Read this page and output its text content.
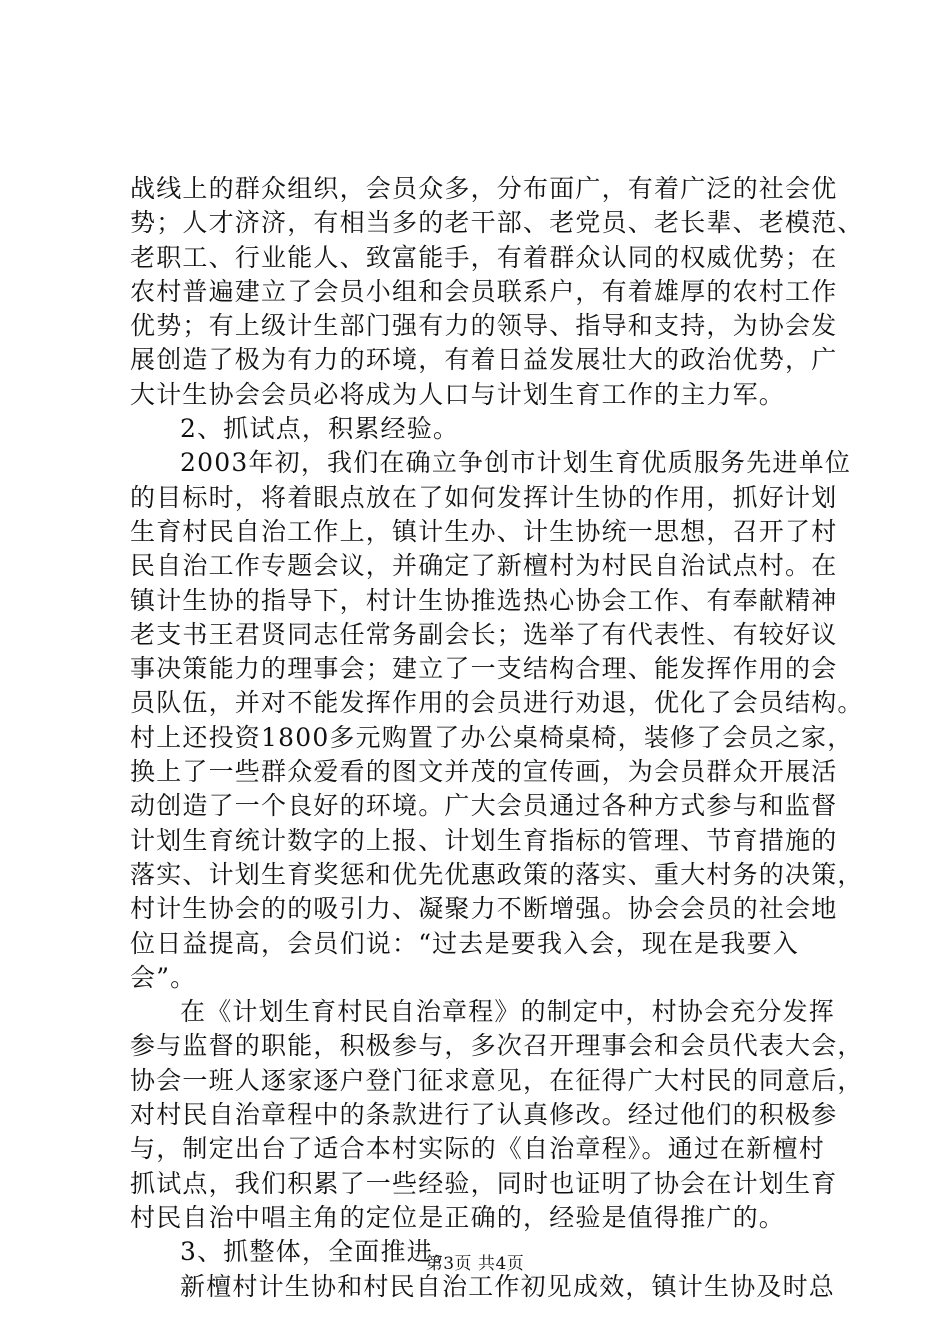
战线上的群众组织，会员众多，分布面广，有着广泛的社会优
势；人才济济，有相当多的老干部、老党员、老长辈、老模范、
老职工、行业能人、致富能手，有着群众认同的权威优势；在
农村普遍建立了会员小组和会员联系户，有着雄厚的农村工作
优势；有上级计生部门强有力的领导、指导和支持，为协会发
展创造了极为有力的环境，有着日益发展壮大的政治优势，广
大计生协会会员必将成为人口与计划生育工作的主力军。
2、抓试点，积累经验。
2003年初，我们在确立争创市计划生育优质服务先进单位
的目标时，将着眼点放在了如何发挥计生协的作用，抓好计划
生育村民自治工作上，镇计生办、计生协统一思想，召开了村
民自治工作专题会议，并确定了新檀村为村民自治试点村。在
镇计生协的指导下，村计生协推选热心协会工作、有奉献精神
老支书王君贤同志任常务副会长；选举了有代表性、有较好议
事决策能力的理事会；建立了一支结构合理、能发挥作用的会
员队伍，并对不能发挥作用的会员进行劝退，优化了会员结构。
村上还投资1800多元购置了办公桌椅桌椅，装修了会员之家，
换上了一些群众爱看的图文并茂的宣传画，为会员群众开展活
动创造了一个良好的环境。广大会员通过各种方式参与和监督
计划生育统计数字的上报、计划生育指标的管理、节育措施的
落实、计划生育奖惩和优先优惠政策的落实、重大村务的决策，
村计生协会的的吸引力、凝聚力不断增强。协会会员的社会地
位日益提高，会员们说：“过去是要我入会，现在是我要入
会”。
在《计划生育村民自治章程》的制定中，村协会充分发挥
参与监督的职能，积极参与，多次召开理事会和会员代表大会，
协会一班人逐家逐户登门征求意见，在征得广大村民的同意后，
对村民自治章程中的条款进行了认真修改。经过他们的积极参
与，制定出台了适合本村实际的《自治章程》。通过在新檀村
抓试点，我们积累了一些经验，同时也证明了协会在计划生育
村民自治中唱主角的定位是正确的，经验是值得推广的。
3、抓整体，全面推进。
新檀村计生协和村民自治工作初见成效，镇计生协及时总
第3页 共4页
